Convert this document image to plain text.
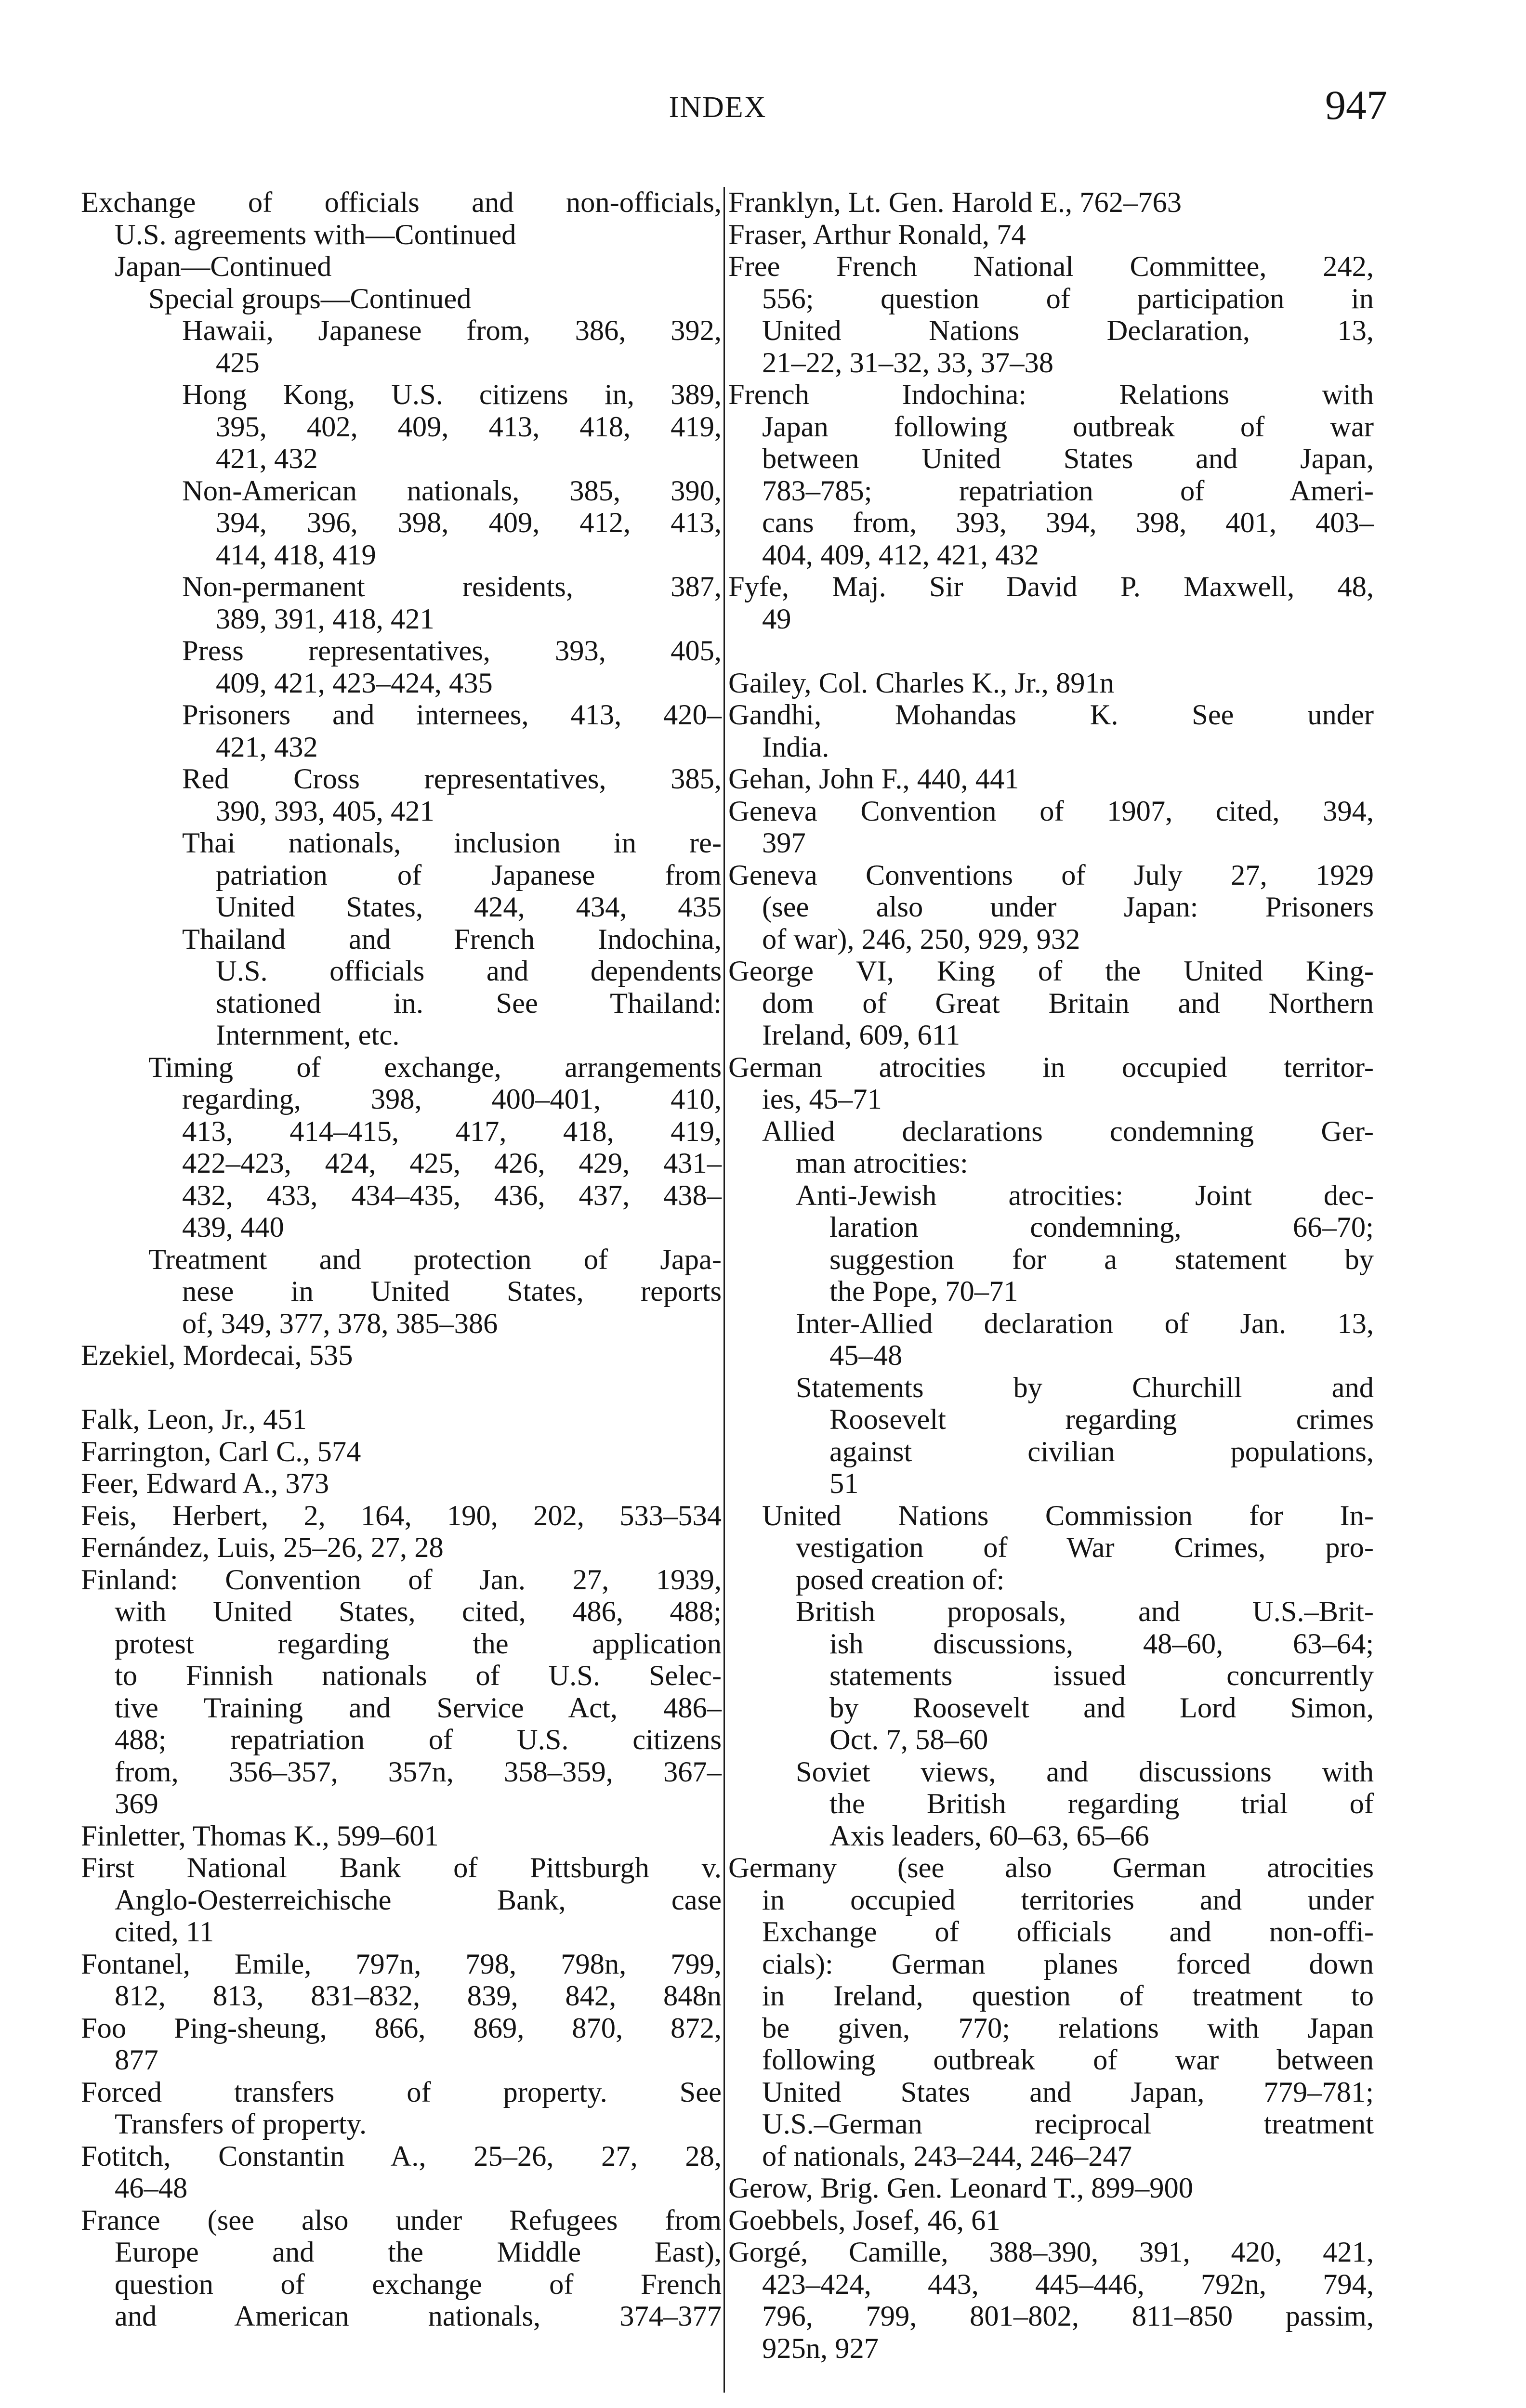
INDEX	947
Exchange of officials and non-officials,
U.S. agreements with—Continued
Japan—Continued
Special groups—Continued
Hawaii, Japanese from, 386, 392,
425
Hong Kong, U.S. citizens in, 389,
395, 402, 409, 413, 418, 419,
421, 432
Non-American nationals, 385, 390,
394, 396, 398, 409, 412, 413,
414, 418, 419
Non-permanent residents, 387,
389, 391, 418, 421
Press representatives, 393, 405,
409, 421, 423–424, 435
Prisoners and internees, 413, 420–
421, 432
Red Cross representatives, 385,
390, 393, 405, 421
Thai nationals, inclusion in re-
patriation of Japanese from
United States, 424, 434, 435
Thailand and French Indochina,
U.S. officials and dependents
stationed in. See Thailand:
Internment, etc.
Timing of exchange, arrangements
regarding, 398, 400–401, 410,
413, 414–415, 417, 418, 419,
422–423, 424, 425, 426, 429, 431–
432, 433, 434–435, 436, 437, 438–
439, 440
Treatment and protection of Japa-
nese in United States, reports
of, 349, 377, 378, 385–386
Ezekiel, Mordecai, 535
Falk, Leon, Jr., 451
Farrington, Carl C., 574
Feer, Edward A., 373
Feis, Herbert, 2, 164, 190, 202, 533–534
Fernández, Luis, 25–26, 27, 28
Finland: Convention of Jan. 27, 1939,
with United States, cited, 486, 488;
protest regarding the application
to Finnish nationals of U.S. Selec-
tive Training and Service Act, 486–
488; repatriation of U.S. citizens
from, 356–357, 357n, 358–359, 367–
369
Finletter, Thomas K., 599–601
First National Bank of Pittsburgh v.
Anglo-Oesterreichische Bank, case
cited, 11
Fontanel, Emile, 797n, 798, 798n, 799,
812, 813, 831–832, 839, 842, 848n
Foo Ping-sheung, 866, 869, 870, 872,
877
Forced transfers of property. See
Transfers of property.
Fotitch, Constantin A., 25–26, 27, 28,
46–48
France (see also under Refugees from
Europe and the Middle East),
question of exchange of French
and American nationals, 374–377
Franklyn, Lt. Gen. Harold E., 762–763
Fraser, Arthur Ronald, 74
Free French National Committee, 242,
556; question of participation in
United Nations Declaration, 13,
21–22, 31–32, 33, 37–38
French Indochina: Relations with
Japan following outbreak of war
between United States and Japan,
783–785; repatriation of Ameri-
cans from, 393, 394, 398, 401, 403–
404, 409, 412, 421, 432
Fyfe, Maj. Sir David P. Maxwell, 48,
49
Gailey, Col. Charles K., Jr., 891n
Gandhi, Mohandas K. See under
India.
Gehan, John F., 440, 441
Geneva Convention of 1907, cited, 394,
397
Geneva Conventions of July 27, 1929
(see also under Japan: Prisoners
of war), 246, 250, 929, 932
George VI, King of the United King-
dom of Great Britain and Northern
Ireland, 609, 611
German atrocities in occupied territor-
ies, 45–71
Allied declarations condemning Ger-
man atrocities:
Anti-Jewish atrocities: Joint dec-
laration condemning, 66–70;
suggestion for a statement by
the Pope, 70–71
Inter-Allied declaration of Jan. 13,
45–48
Statements by Churchill and
Roosevelt regarding crimes
against civilian populations,
51
United Nations Commission for In-
vestigation of War Crimes, pro-
posed creation of:
British proposals, and U.S.–Brit-
ish discussions, 48–60, 63–64;
statements issued concurrently
by Roosevelt and Lord Simon,
Oct. 7, 58–60
Soviet views, and discussions with
the British regarding trial of
Axis leaders, 60–63, 65–66
Germany (see also German atrocities
in occupied territories and under
Exchange of officials and non-offi-
cials): German planes forced down
in Ireland, question of treatment to
be given, 770; relations with Japan
following outbreak of war between
United States and Japan, 779–781;
U.S.–German reciprocal treatment
of nationals, 243–244, 246–247
Gerow, Brig. Gen. Leonard T., 899–900
Goebbels, Josef, 46, 61
Gorgé, Camille, 388–390, 391, 420, 421,
423–424, 443, 445–446, 792n, 794,
796, 799, 801–802, 811–850 passim,
925n, 927
